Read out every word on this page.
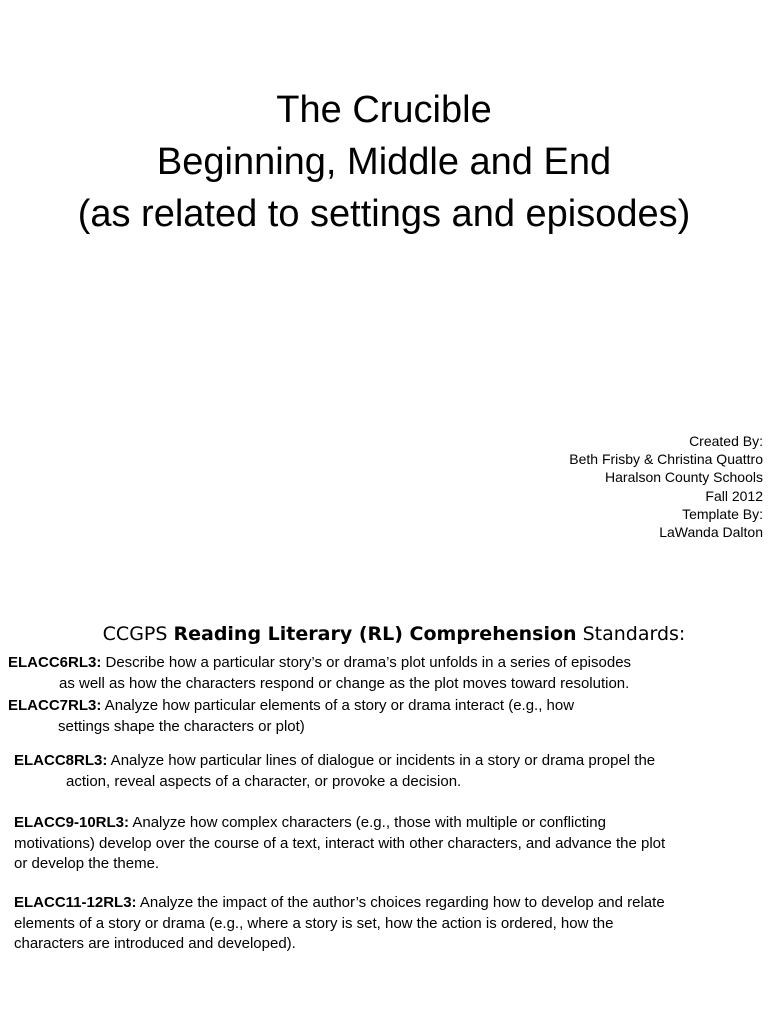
The Crucible
Beginning, Middle and End
(as related to settings and episodes)
Created By:
Beth Frisby & Christina Quattro
Haralson County Schools
Fall 2012
Template By:
LaWanda Dalton
CCGPS Reading Literary (RL) Comprehension Standards:
ELACC6RL3: Describe how a particular story’s or drama’s plot unfolds in a series of episodes
as well as how the characters respond or change as the plot moves toward resolution.
ELACC7RL3: Analyze how particular elements of a story or drama interact (e.g., how
settings shape the characters or plot)
ELACC8RL3: Analyze how particular lines of dialogue or incidents in a story or drama propel the
action, reveal aspects of a character, or provoke a decision.
ELACC9-10RL3: Analyze how complex characters (e.g., those with multiple or conflicting
motivations) develop over the course of a text, interact with other characters, and advance the plot
or develop the theme.
ELACC11-12RL3: Analyze the impact of the author’s choices regarding how to develop and relate
elements of a story or drama (e.g., where a story is set, how the action is ordered, how the
characters are introduced and developed).
